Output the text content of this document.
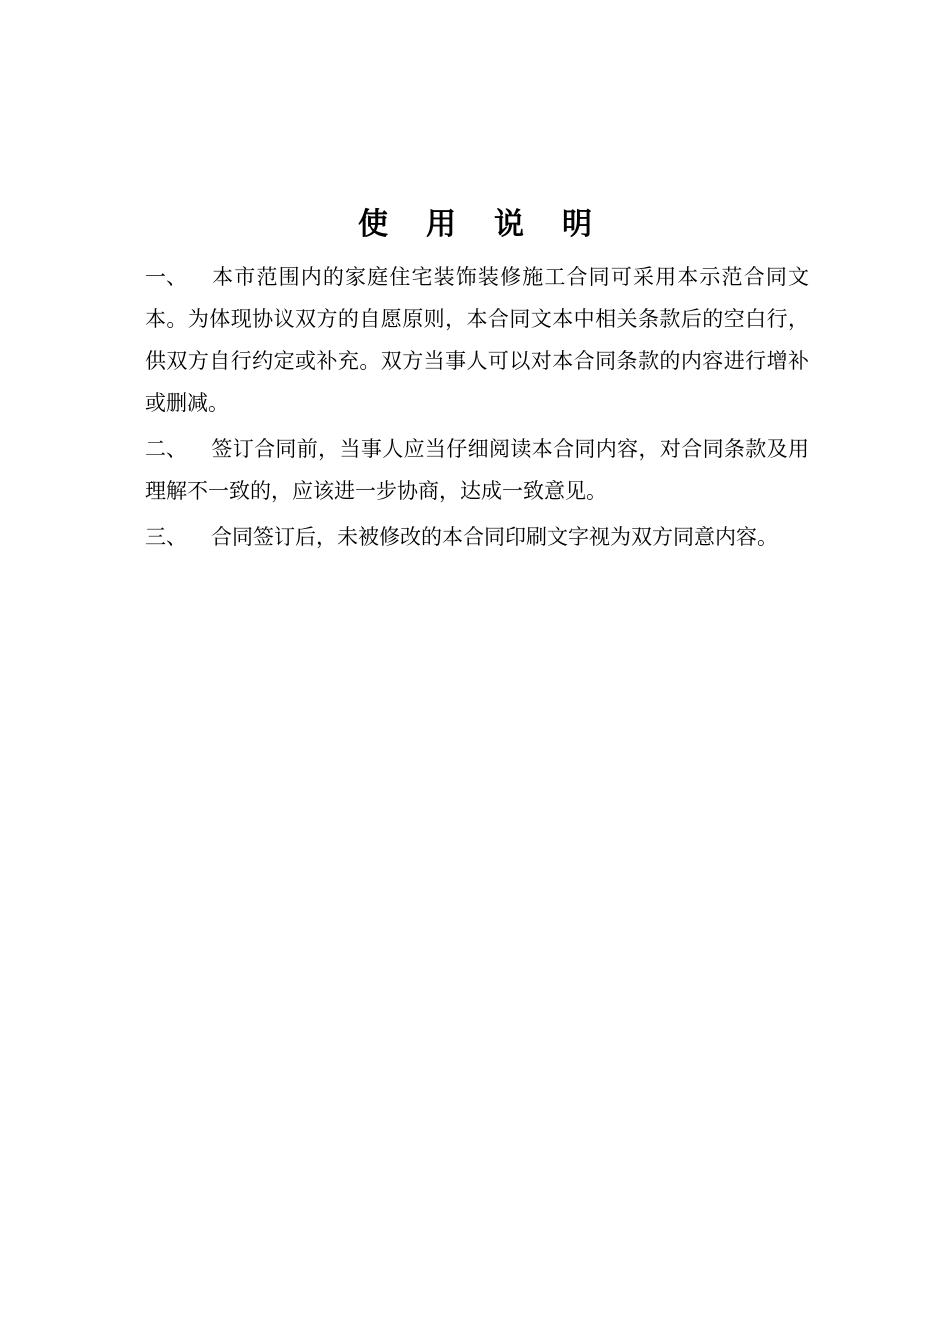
使用说明

一、 本市范围内的家庭住宅装饰装修施工合同可采用本示范合同文本。为体现协议双方的自愿原则，本合同文本中相关条款后的空白行，供双方自行约定或补充。双方当事人可以对本合同条款的内容进行增补或删减。

二、 签订合同前，当事人应当仔细阅读本合同内容，对合同条款及用理解不一致的，应该进一步协商，达成一致意见。

三、 合同签订后，未被修改的本合同印刷文字视为双方同意内容。
